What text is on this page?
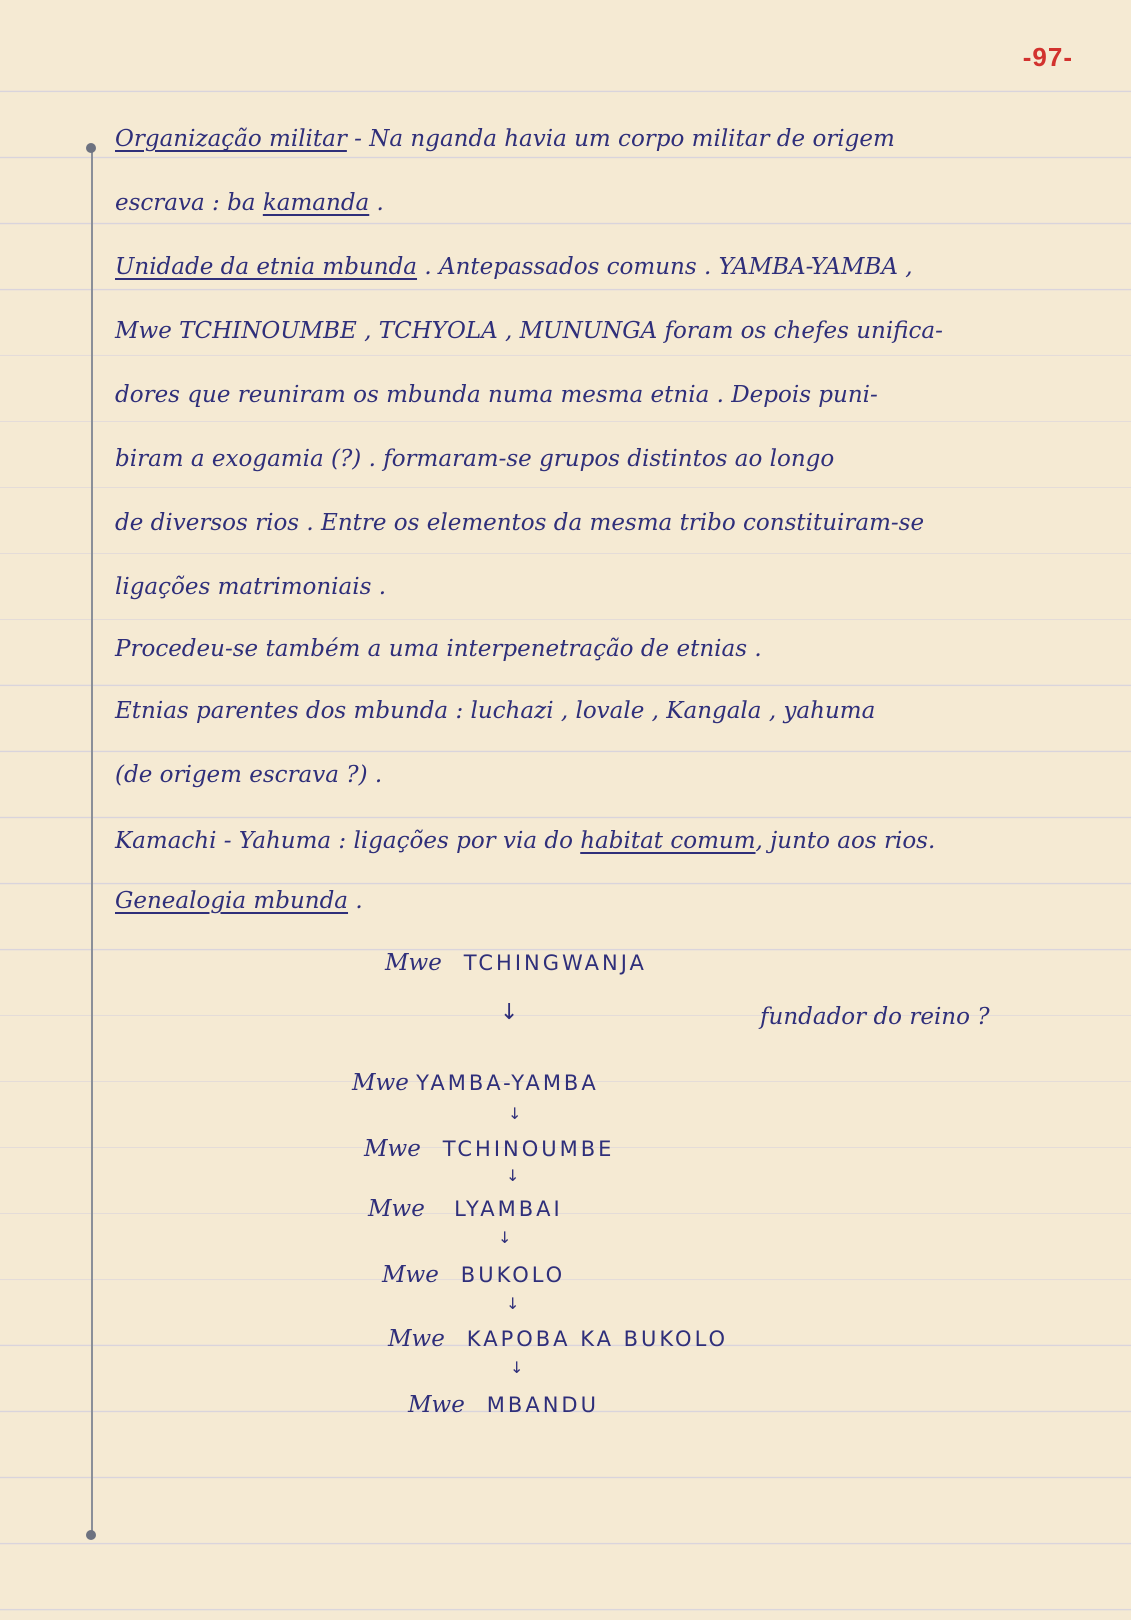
-97-
Organização militar - Na nganda havia um corpo militar de origem
escrava : ba kamanda .
Unidade da etnia mbunda . Antepassados comuns . YAMBA-YAMBA ,
Mwe TCHINOUMBE , TCHYOLA , MUNUNGA foram os chefes unifica-
dores que reuniram os mbunda numa mesma etnia . Depois puni-
biram a exogamia (?) . formaram-se grupos distintos ao longo
de diversos rios . Entre os elementos da mesma tribo constituiram-se
ligações matrimoniais .
Procedeu-se também a uma interpenetração de etnias .
Etnias parentes dos mbunda : luchazi , lovale , Kangala , yahuma
(de origem escrava ?) .
Kamachi - Yahuma : ligações por via do habitat comum, junto aos rios.
Genealogia mbunda .
Mwe TCHINGWANJA
↓	fundador do reino ?
Mwe YAMBA-YAMBA
↓
Mwe TCHINOUMBE
↓
Mwe LYAMBAI
↓
Mwe BUKOLO
↓
Mwe KAPOBA KA BUKOLO
↓
Mwe MBANDU
